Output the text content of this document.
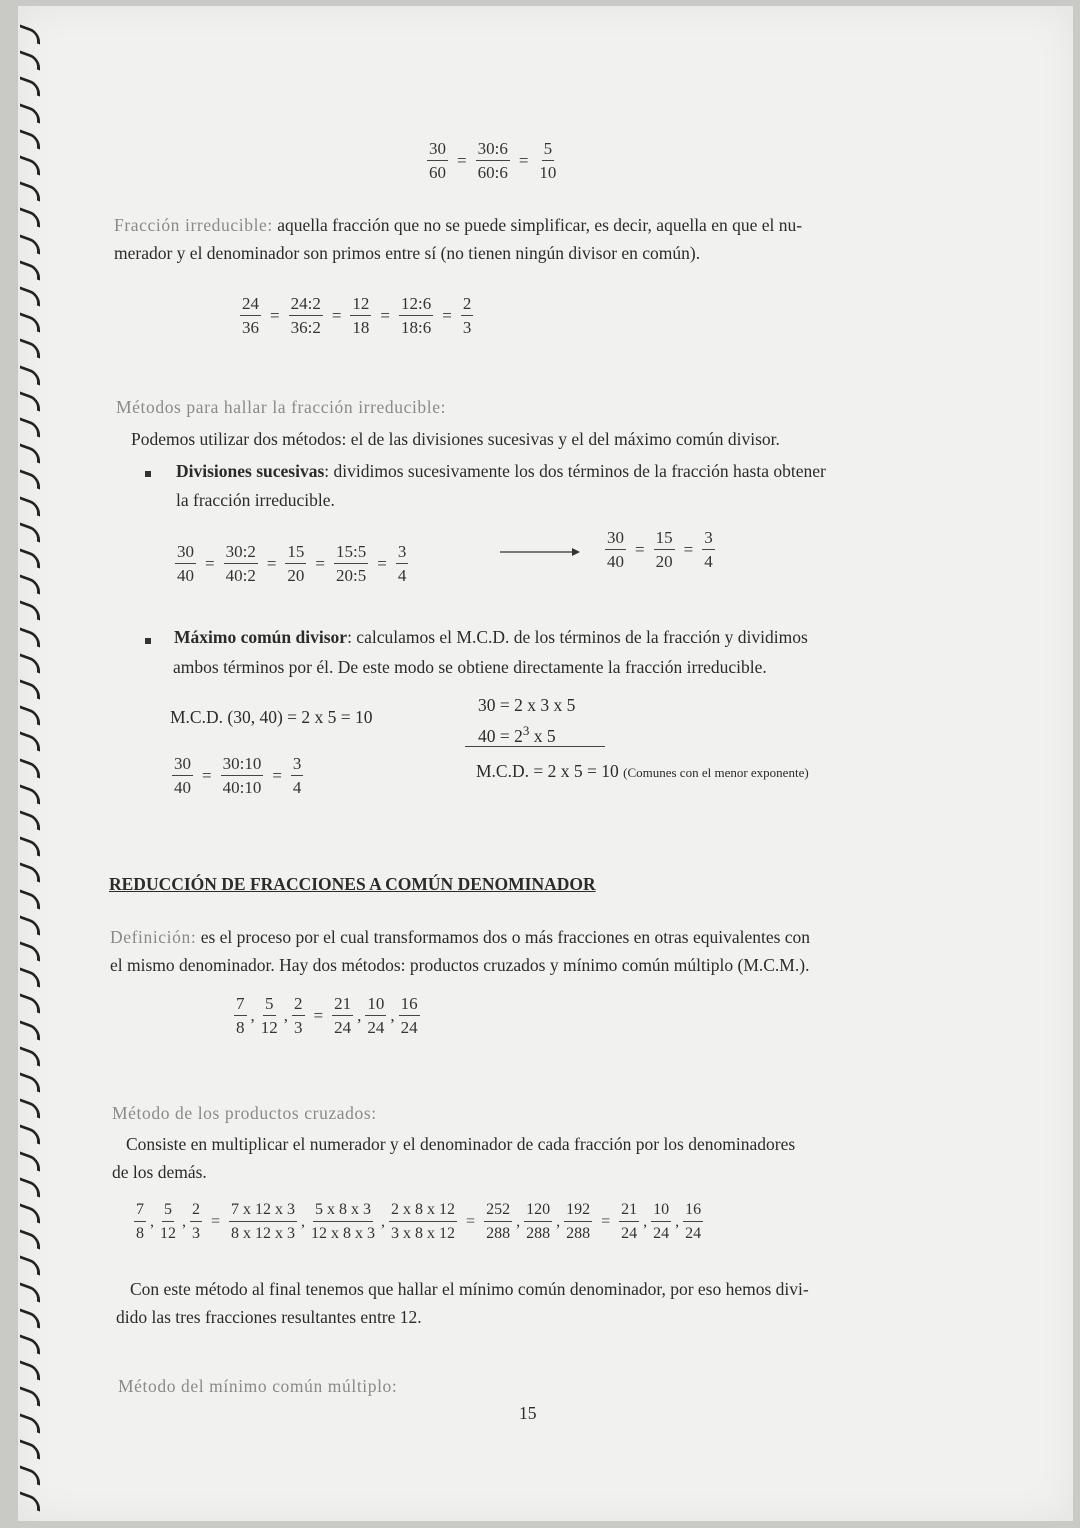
$\frac{30}{60} = \frac{30:6}{60:6} = \frac{5}{10}$
Fracción irreducible: aquella fracción que no se puede simplificar, es decir, aquella en que el nu-
merador y el denominador son primos entre sí (no tienen ningún divisor en común).
$\frac{24}{36} = \frac{24:2}{36:2} = \frac{12}{18} = \frac{12:6}{18:6} = \frac{2}{3}$
Métodos para hallar la fracción irreducible:
Podemos utilizar dos métodos: el de las divisiones sucesivas y el del máximo común divisor.
Divisiones sucesivas: dividimos sucesivamente los dos términos de la fracción hasta obtener
la fracción irreducible.
$\frac{30}{40} = \frac{30:2}{40:2} = \frac{15}{20} = \frac{15:5}{20:5} = \frac{3}{4}$	$\frac{30}{40} = \frac{15}{20} = \frac{3}{4}$
Máximo común divisor: calculamos el M.C.D. de los términos de la fracción y dividimos
ambos términos por él. De este modo se obtiene directamente la fracción irreducible.
M.C.D. (30, 40) = 2 x 5 = 10
30 = 2 x 3 x 5
$40 = 2^3$ x 5
M.C.D. = 2 x 5 = 10 (Comunes con el menor exponente)
$\frac{30}{40} = \frac{30:10}{40:10} = \frac{3}{4}$
REDUCCIÓN DE FRACCIONES A COMÚN DENOMINADOR
Definición: es el proceso por el cual transformamos dos o más fracciones en otras equivalentes con
el mismo denominador. Hay dos métodos: productos cruzados y mínimo común múltiplo (M.C.M.).
$\frac{7}{8}$ , $\frac{5}{12}$ , $\frac{2}{3} = \frac{21}{24}$ , $\frac{10}{24}$ , $\frac{16}{24}$
Método de los productos cruzados:
Consiste en multiplicar el numerador y el denominador de cada fracción por los denominadores
de los demás.
$\frac{7}{8}$ , $\frac{5}{12}$ , $\frac{2}{3} = \frac{7 x 12 x 3}{8 x 12 x 3}$ , $\frac{5 x 8 x 3}{12 x 8 x 3}$ , $\frac{2 x 8 x 12}{3 x 8 x 12} = \frac{252}{288}$ , $\frac{120}{288}$ , $\frac{192}{288} = \frac{21}{24}$ , $\frac{10}{24}$ , $\frac{16}{24}$
Con este método al final tenemos que hallar el mínimo común denominador, por eso hemos divi-
dido las tres fracciones resultantes entre 12.
Método del mínimo común múltiplo:
15
